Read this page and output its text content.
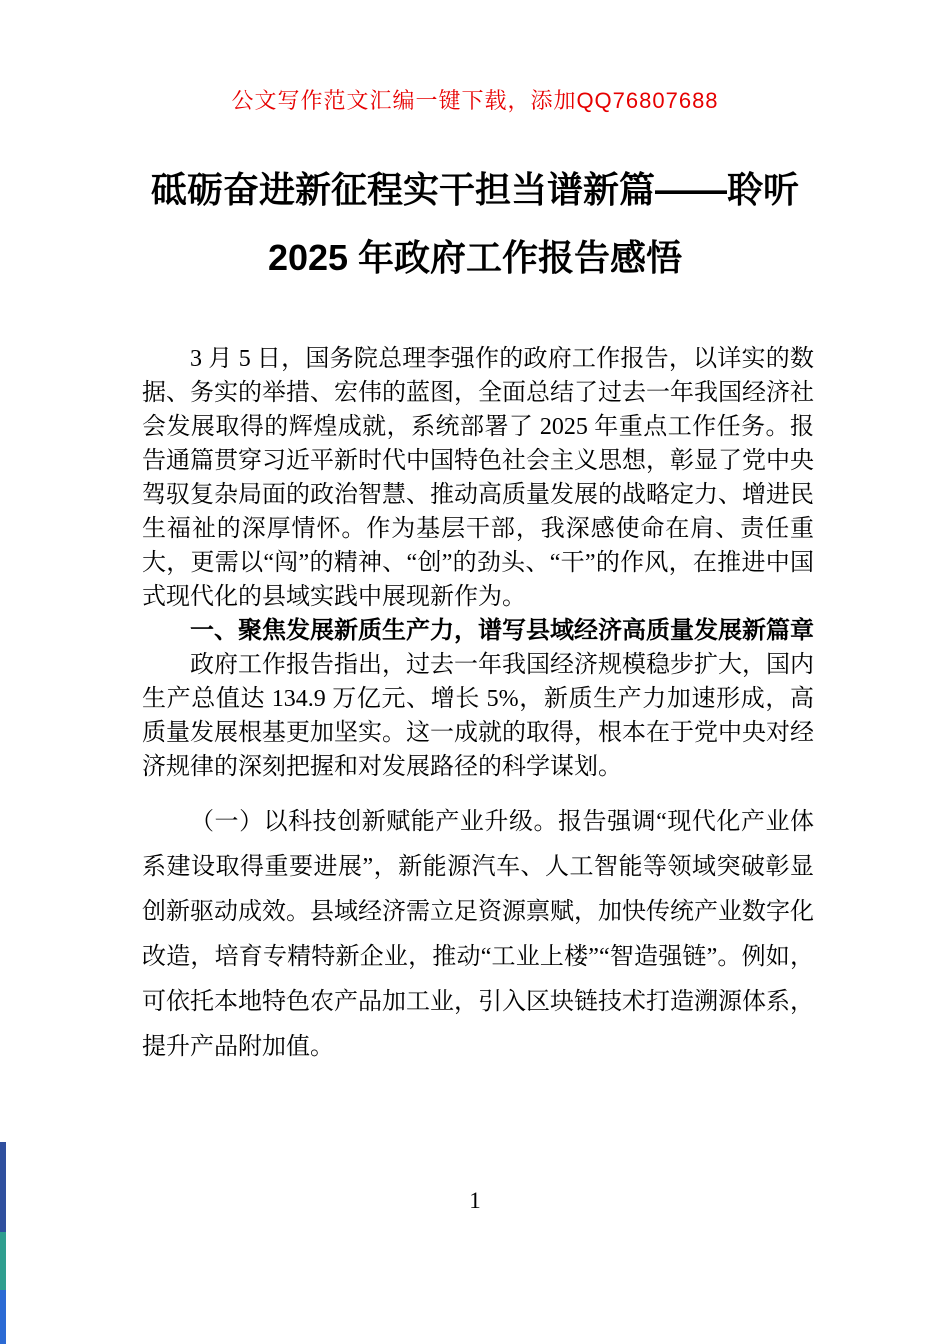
公文写作范文汇编一键下载，添加QQ76807688
砥砺奋进新征程实干担当谱新篇——聆听
2025 年政府工作报告感悟

3 月 5 日，国务院总理李强作的政府工作报告，以详实的数据、务实的举措、宏伟的蓝图，全面总结了过去一年我国经济社会发展取得的辉煌成就，系统部署了 2025 年重点工作任务。报告通篇贯穿习近平新时代中国特色社会主义思想，彰显了党中央驾驭复杂局面的政治智慧、推动高质量发展的战略定力、增进民生福祉的深厚情怀。作为基层干部，我深感使命在肩、责任重大，更需以“闯”的精神、“创”的劲头、“干”的作风，在推进中国式现代化的县域实践中展现新作为。

一、聚焦发展新质生产力，谱写县域经济高质量发展新篇章

政府工作报告指出，过去一年我国经济规模稳步扩大，国内生产总值达 134.9 万亿元、增长 5%，新质生产力加速形成，高质量发展根基更加坚实。这一成就的取得，根本在于党中央对经济规律的深刻把握和对发展路径的科学谋划。

（一）以科技创新赋能产业升级。报告强调“现代化产业体系建设取得重要进展”，新能源汽车、人工智能等领域突破彰显创新驱动成效。县域经济需立足资源禀赋，加快传统产业数字化改造，培育专精特新企业，推动“工业上楼”“智造强链”。例如，可依托本地特色农产品加工业，引入区块链技术打造溯源体系，提升产品附加值。

1
